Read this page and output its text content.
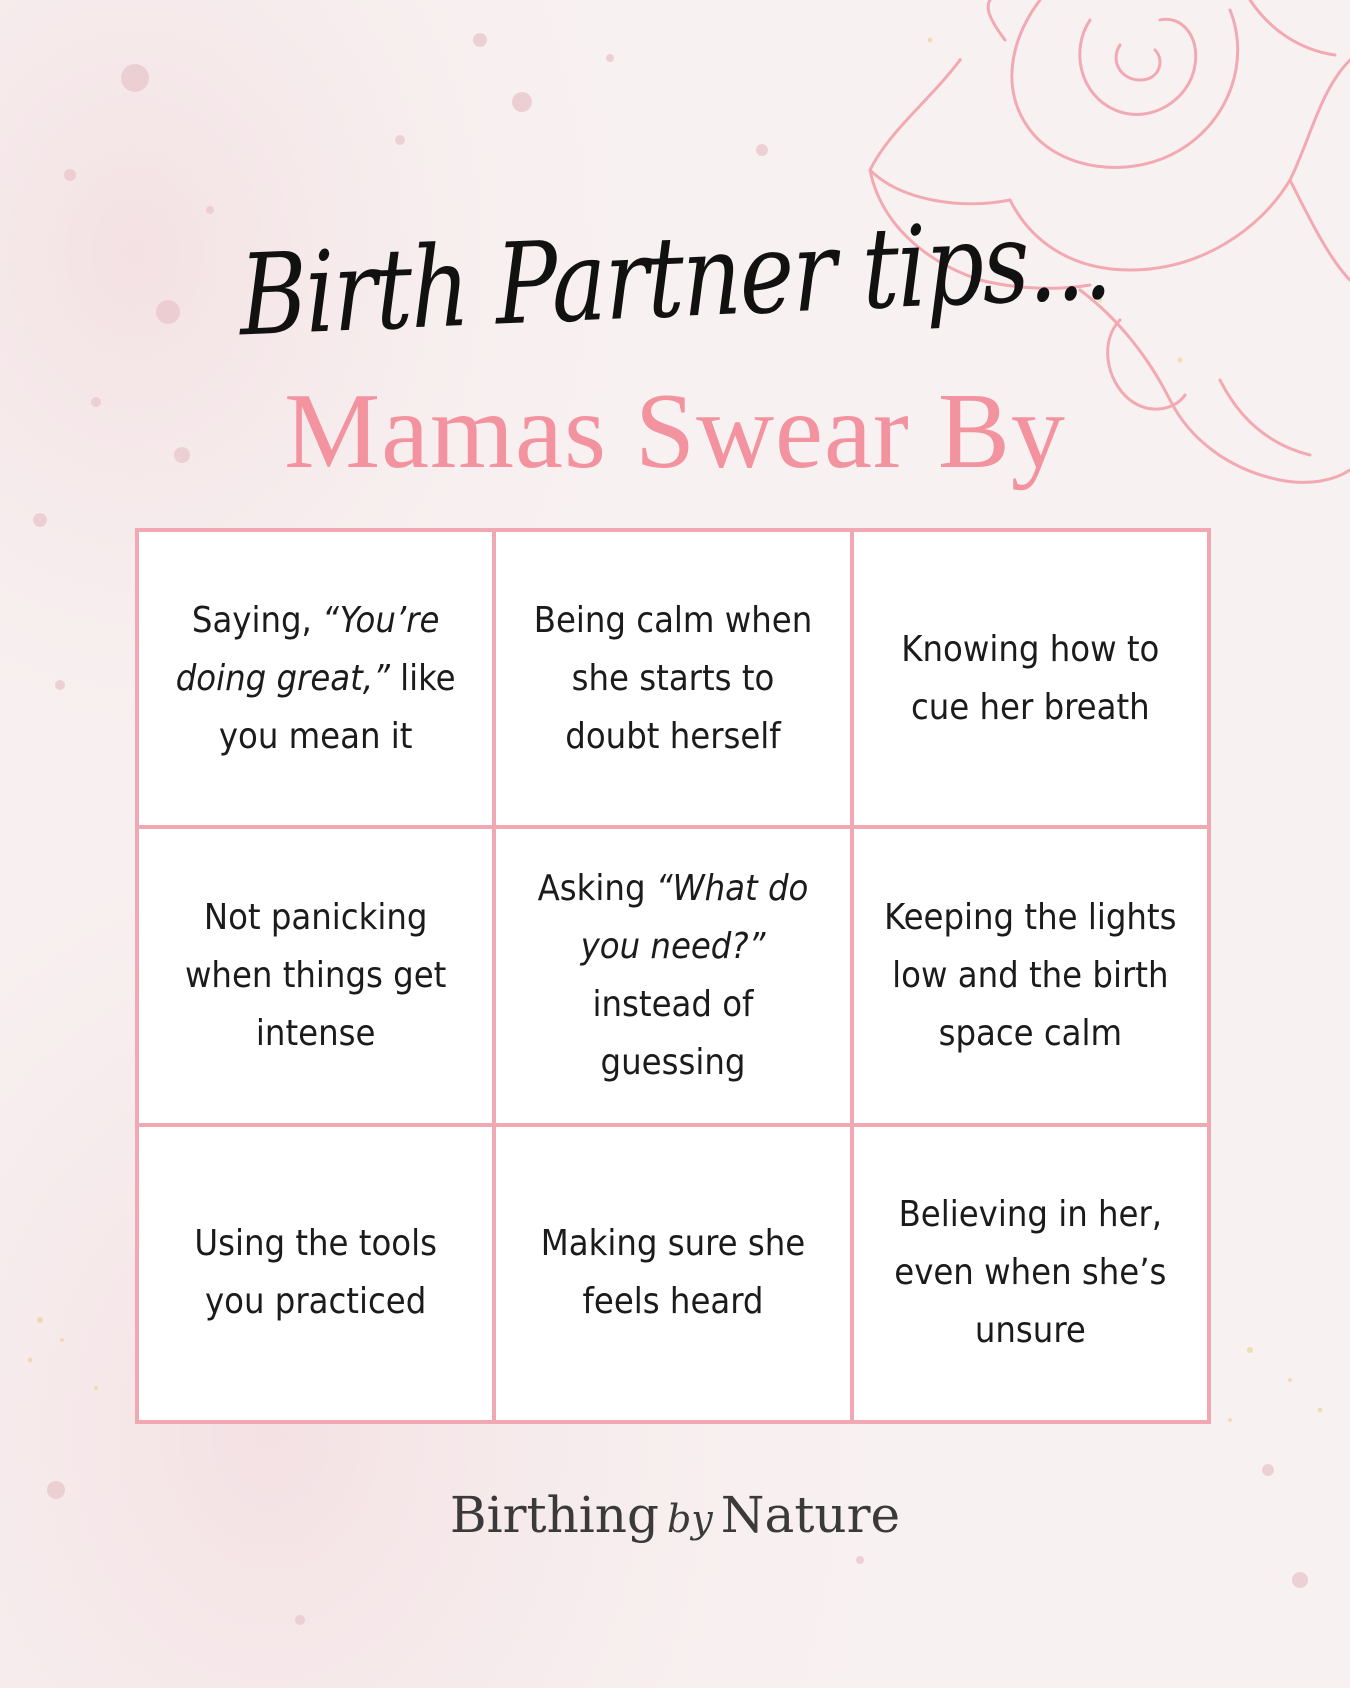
Birth Partner tips...
Mamas Swear By
Saying, “You’re doing great,” like you mean it
Being calm when she starts to doubt herself
Knowing how to cue her breath
Not panicking when things get intense
Asking “What do you need?” instead of guessing
Keeping the lights low and the birth space calm
Using the tools you practiced
Making sure she feels heard
Believing in her, even when she’s unsure
Birthing by Nature
